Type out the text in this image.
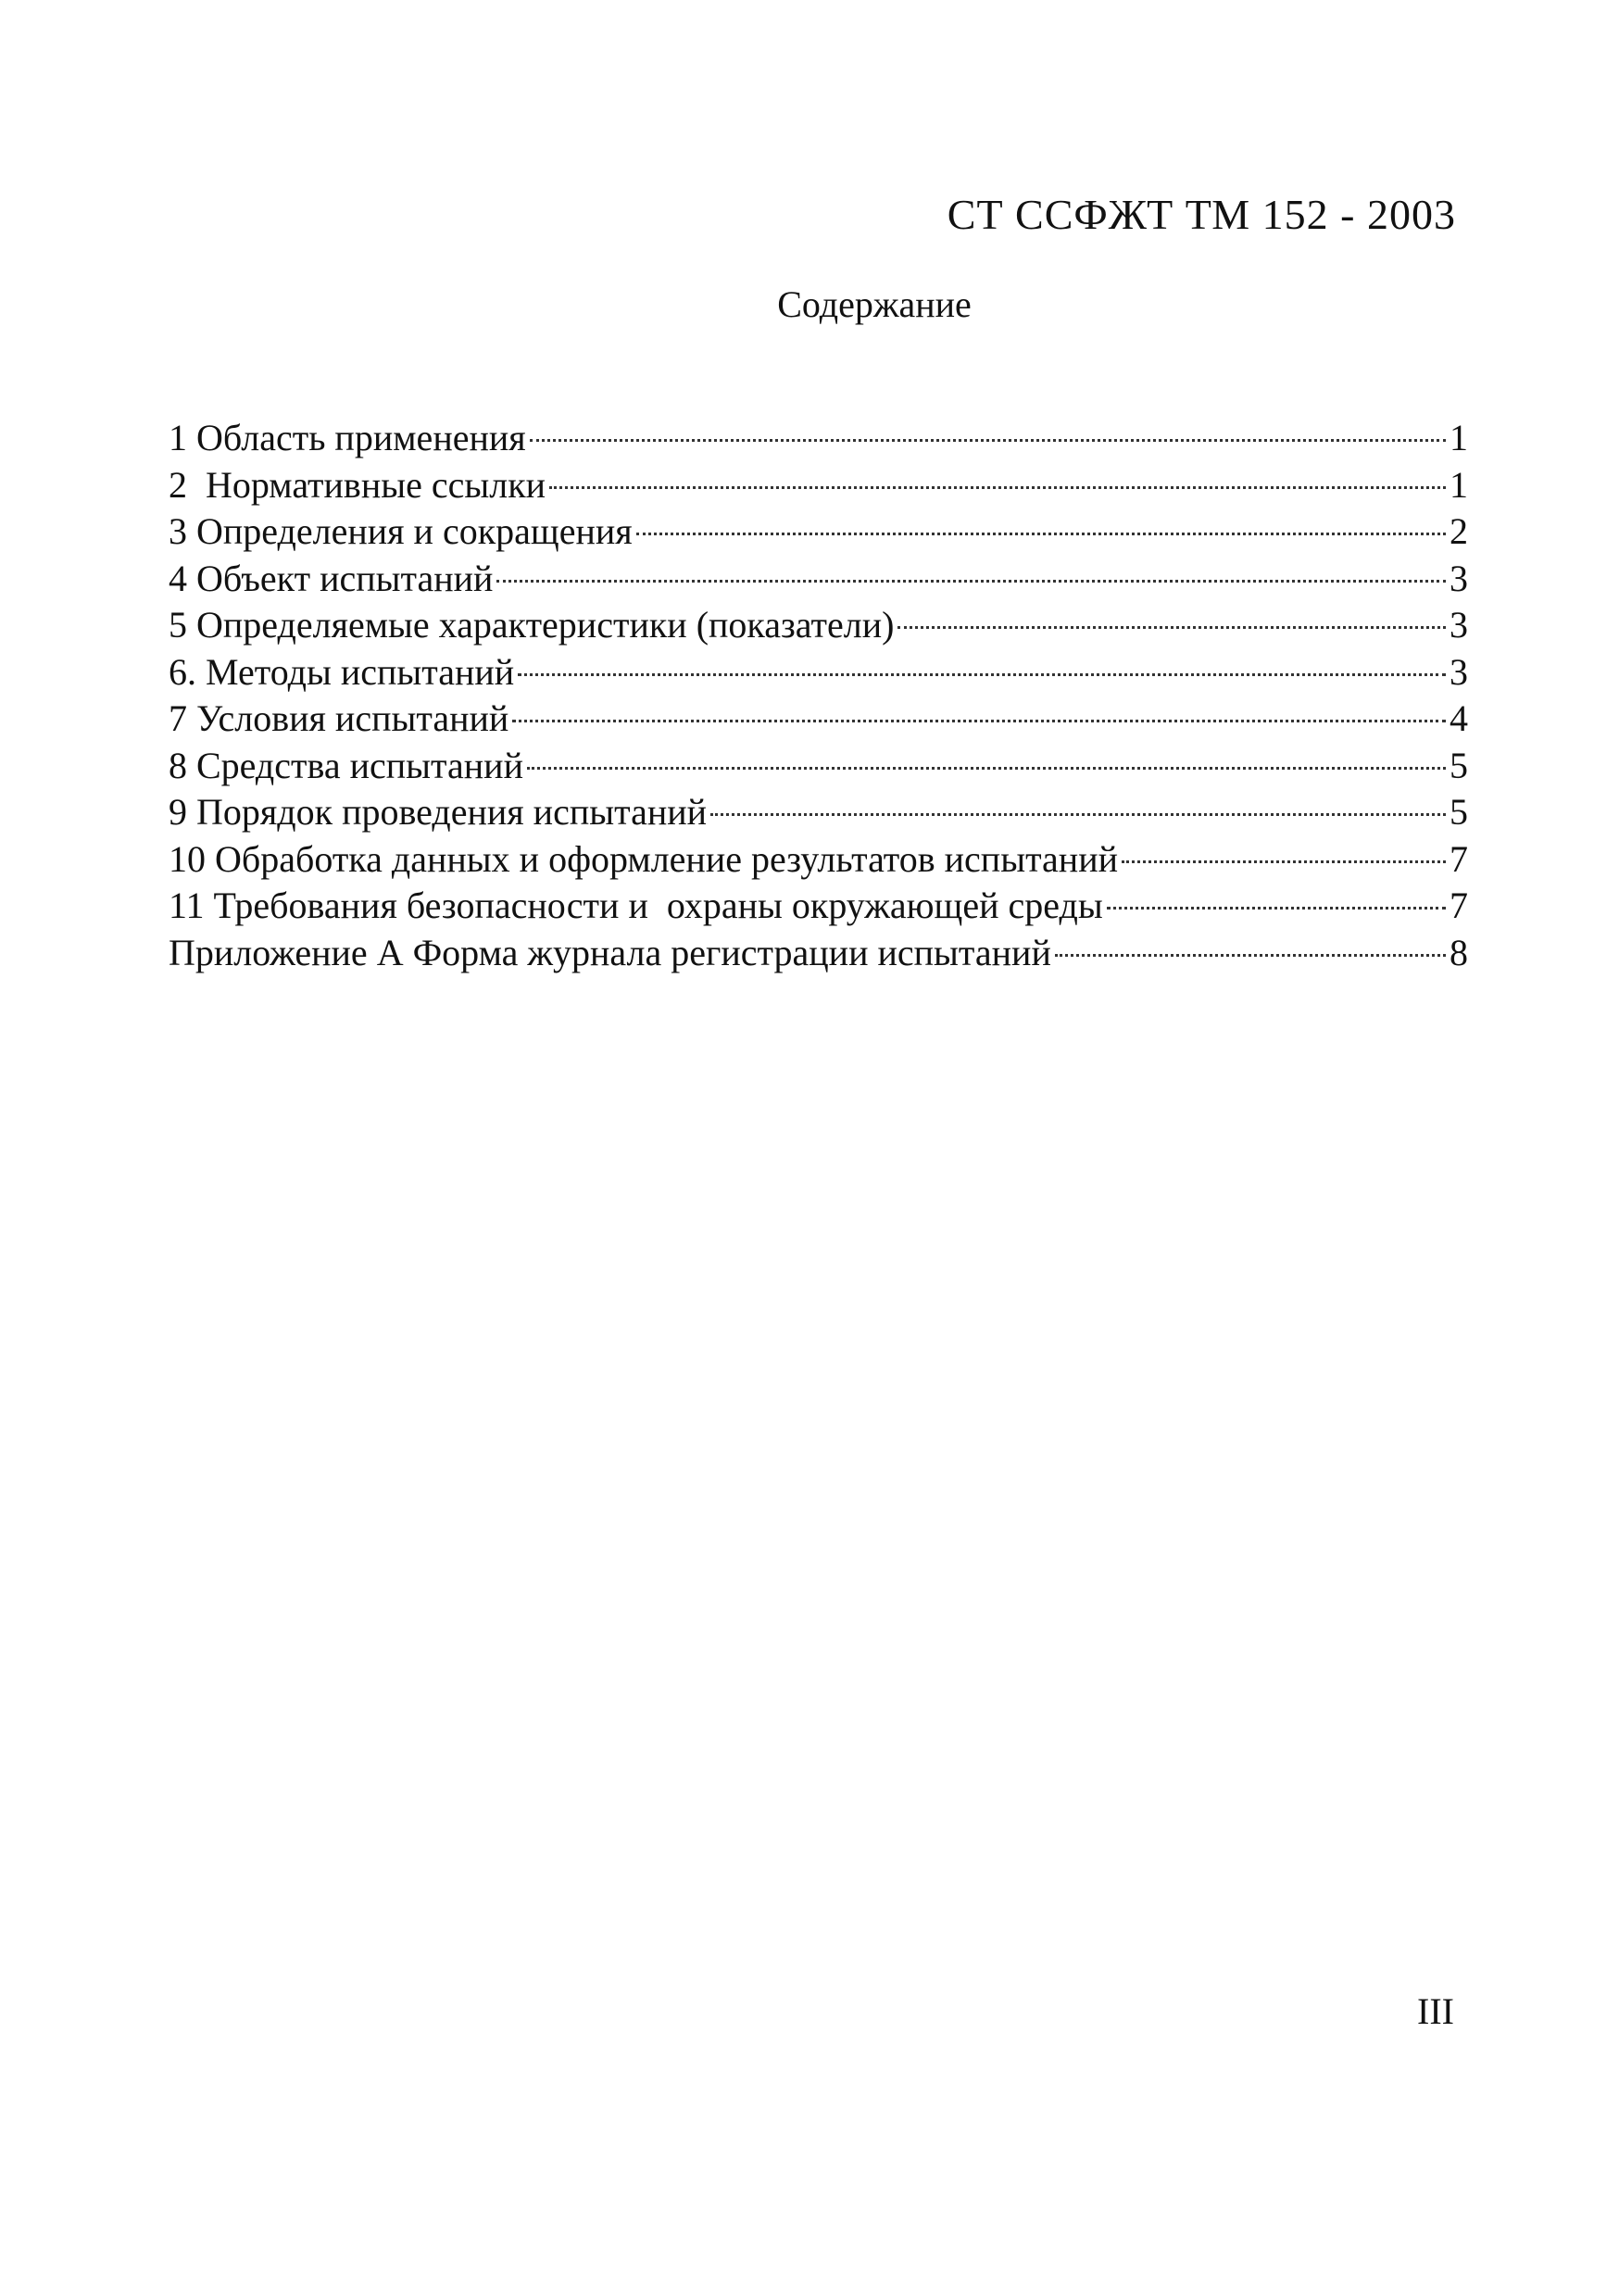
СТ ССФЖТ ТМ 152 - 2003
Содержание
1 Область применения	1
2  Нормативные ссылки	1
3 Определения и сокращения	2
4 Объект испытаний	3
5 Определяемые характеристики (показатели)	3
6. Методы испытаний	3
7 Условия испытаний	4
8 Средства испытаний	5
9 Порядок проведения испытаний	5
10 Обработка данных и оформление результатов испытаний	7
11 Требования безопасности и  охраны окружающей среды	7
Приложение А Форма журнала регистрации испытаний	8
III
